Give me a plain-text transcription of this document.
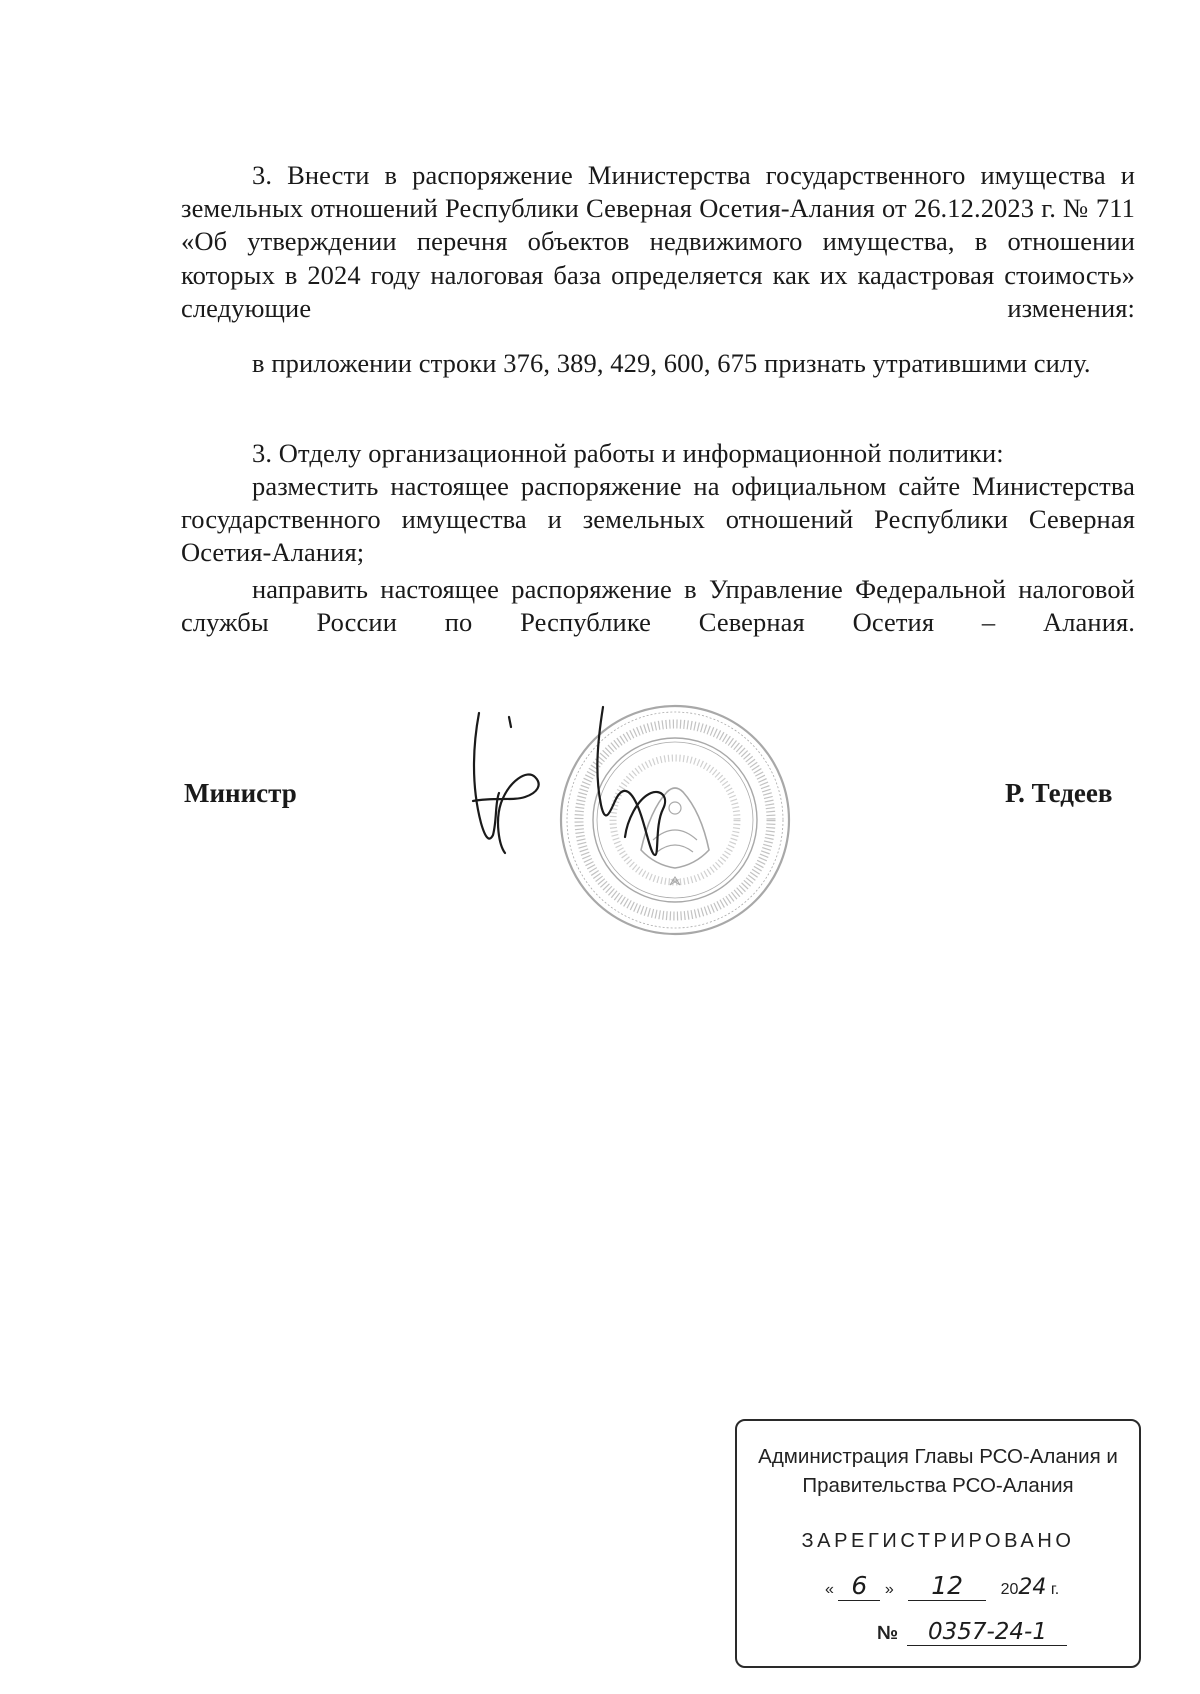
3. Внести в распоряжение Министерства государственного имущества и земельных отношений Республики Северная Осетия-Алания от 26.12.2023 г. № 711 «Об утверждении перечня объектов недвижимого имущества, в отношении которых в 2024 году налоговая база определяется как их кадастровая стоимость» следующие изменения:

в приложении строки 376, 389, 429, 600, 675 признать утратившими силу.

3. Отделу организационной работы и информационной политики:

разместить настоящее распоряжение на официальном сайте Министерства государственного имущества и земельных отношений Республики Северная Осетия-Алания;

направить настоящее распоряжение в Управление Федеральной налоговой службы России по Республике Северная Осетия – Алания.

Министр	Р. Тедеев
Администрация Главы РСО-Алания и
Правительства РСО-Алания
ЗАРЕГИСТРИРОВАНО
« 6 » 12 2024 г.
№ 0357-24-1
